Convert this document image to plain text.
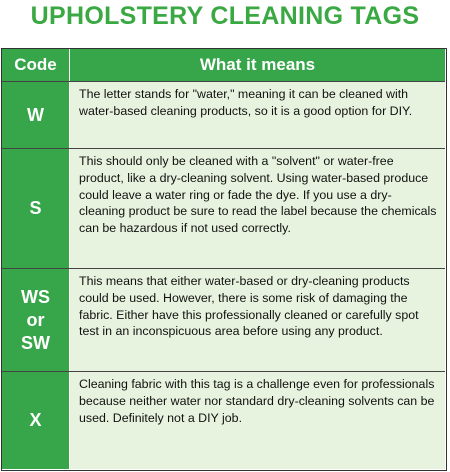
UPHOLSTERY CLEANING TAGS
Code	What it means
W
The letter stands for "water," meaning it can be cleaned with water-based cleaning products, so it is a good option for DIY.
S
This should only be cleaned with a "solvent" or water-free product, like a dry-cleaning solvent. Using water-based produce could leave a water ring or fade the dye. If you use a dry-cleaning product be sure to read the label because the chemicals can be hazardous if not used correctly.
WS
or
SW
This means that either water-based or dry-cleaning products could be used. However, there is some risk of damaging the fabric. Either have this professionally cleaned or carefully spot test in an inconspicuous area before using any product.
X
Cleaning fabric with this tag is a challenge even for professionals because neither water nor standard dry-cleaning solvents can be used. Definitely not a DIY job.
